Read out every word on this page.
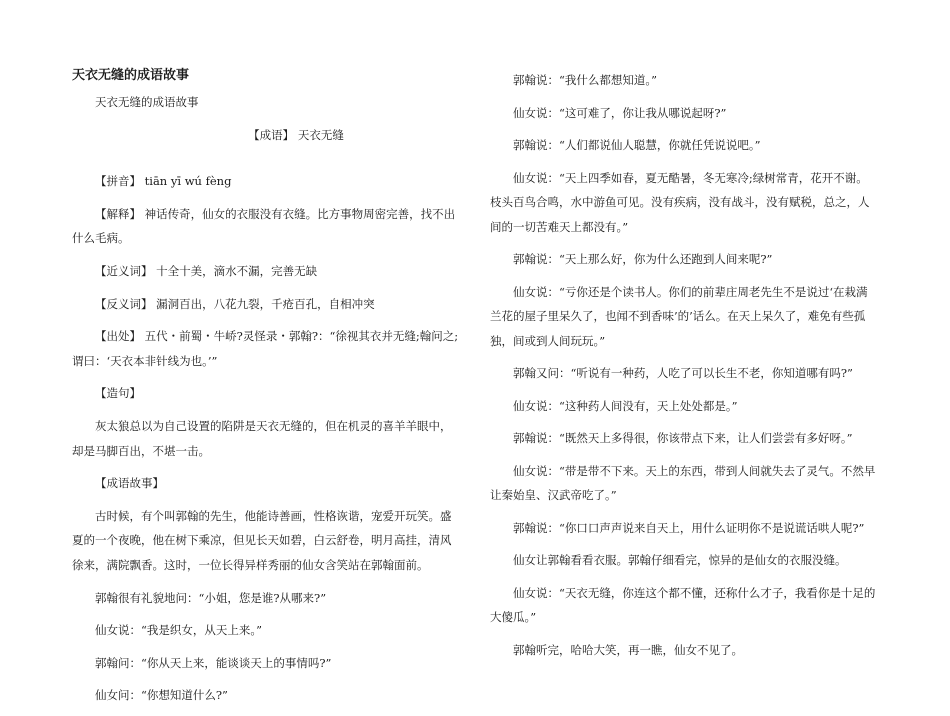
天衣无缝的成语故事
天衣无缝的成语故事
【成语】 天衣无缝
【拼音】 tiān yī wú fèng
【解释】 神话传奇，仙女的衣服没有衣缝。比方事物周密完善，找不出什么毛病。
【近义词】 十全十美，滴水不漏，完善无缺
【反义词】 漏洞百出，八花九裂，千疮百孔，自相冲突
【出处】 五代・前蜀・牛峤?灵怪录・郭翰?：“徐视其衣并无缝;翰问之;谓曰：‘天衣本非针线为也。’”
【造句】
灰太狼总以为自己设置的陷阱是天衣无缝的，但在机灵的喜羊羊眼中，却是马脚百出，不堪一击。
【成语故事】
古时候，有个叫郭翰的先生，他能诗善画，性格诙谐，宠爱开玩笑。盛夏的一个夜晚，他在树下乘凉，但见长天如碧，白云舒卷，明月高挂，清风徐来，满院飘香。这时，一位长得异样秀丽的仙女含笑站在郭翰面前。
郭翰很有礼貌地问：“小姐，您是谁?从哪来?”
仙女说：“我是织女，从天上来。”
郭翰问：“你从天上来，能谈谈天上的事情吗?”
仙女问：“你想知道什么?”
郭翰说：“我什么都想知道。”
仙女说：“这可难了，你让我从哪说起呀?”
郭翰说：“人们都说仙人聪慧，你就任凭说说吧。”
仙女说：“天上四季如春，夏无酷暑，冬无寒冷;绿树常青，花开不谢。枝头百鸟合鸣，水中游鱼可见。没有疾病，没有战斗，没有赋税，总之，人间的一切苦难天上都没有。”
郭翰说：“天上那么好，你为什么还跑到人间来呢?”
仙女说：“亏你还是个读书人。你们的前辈庄周老先生不是说过‘在栽满兰花的屋子里呆久了，也闻不到香味’的’话么。在天上呆久了，难免有些孤独，间或到人间玩玩。”
郭翰又问：“听说有一种药，人吃了可以长生不老，你知道哪有吗?”
仙女说：“这种药人间没有，天上处处都是。”
郭翰说：“既然天上多得很，你该带点下来，让人们尝尝有多好呀。”
仙女说：“带是带不下来。天上的东西，带到人间就失去了灵气。不然早让秦始皇、汉武帝吃了。”
郭翰说：“你口口声声说来自天上，用什么证明你不是说谎话哄人呢?”
仙女让郭翰看看衣服。郭翰仔细看完，惊异的是仙女的衣服没缝。
仙女说：“天衣无缝，你连这个都不懂，还称什么才子，我看你是十足的大傻瓜。”
郭翰听完，哈哈大笑，再一瞧，仙女不见了。
